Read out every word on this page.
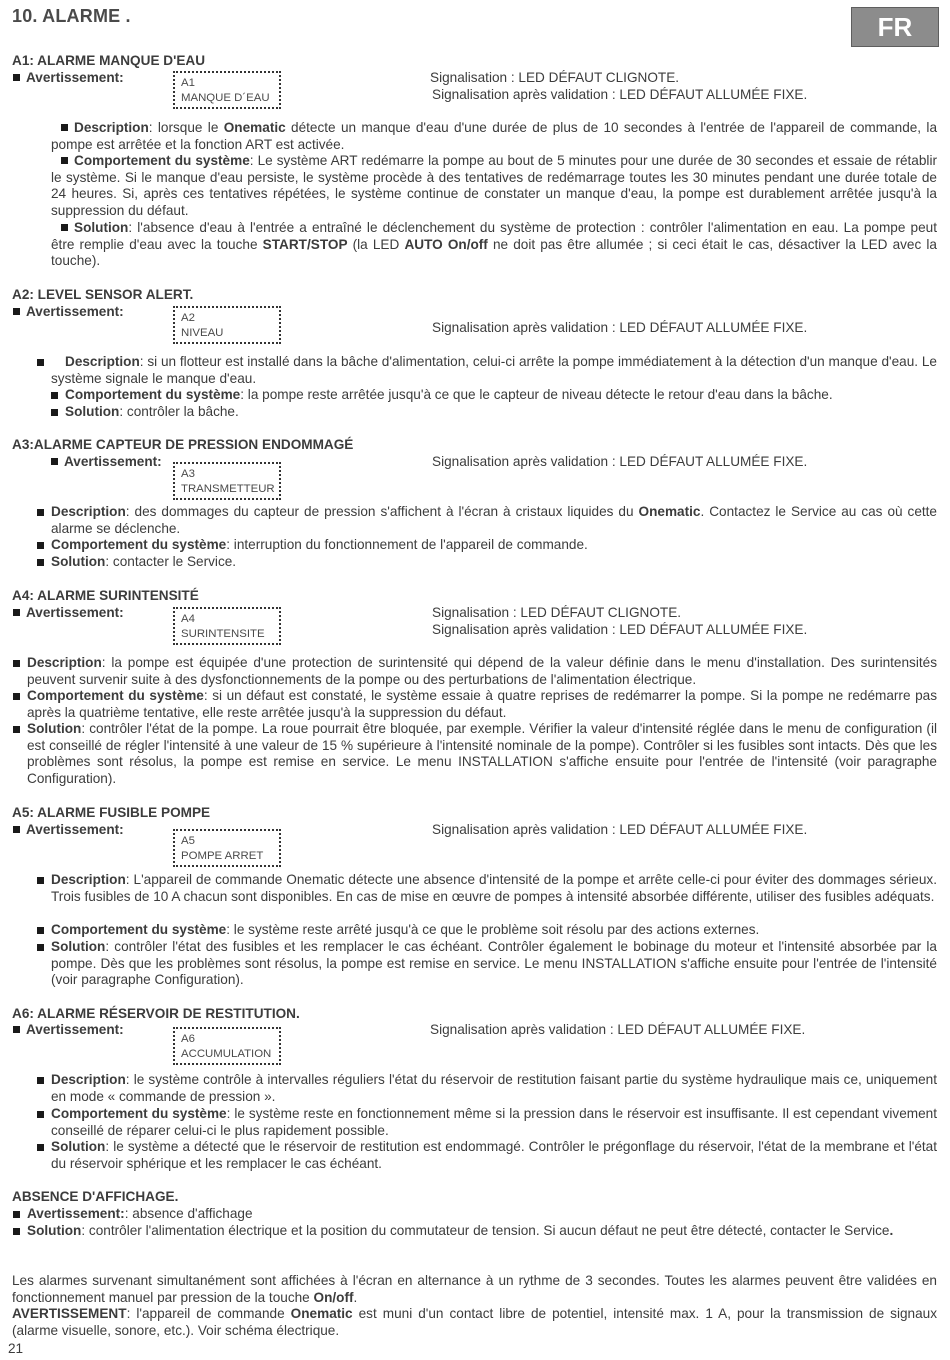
10. ALARME .	FR
A1: ALARME MANQUE D'EAU
Avertissement:	A1
MANQUE D´EAU
Signalisation : LED DÉFAUT CLIGNOTE.
Signalisation après validation : LED DÉFAUT ALLUMÉE FIXE.
Description: lorsque le Onematic détecte un manque d'eau d'une durée de plus de 10 secondes à l'entrée de l'appareil de commande, la pompe est arrêtée et la fonction ART est activée.
Comportement du système: Le système ART redémarre la pompe au bout de 5 minutes pour une durée de 30 secondes et essaie de rétablir le système. Si le manque d'eau persiste, le système procède à des tentatives de redémarrage toutes les 30 minutes pendant une durée totale de 24 heures. Si, après ces tentatives répétées, le système continue de constater un manque d'eau, la pompe est durablement arrêtée jusqu'à la suppression du défaut.
Solution: l'absence d'eau à l'entrée a entraîné le déclenchement du système de protection : contrôler l'alimentation en eau. La pompe peut être remplie d'eau avec la touche START/STOP (la LED AUTO On/off ne doit pas être allumée ; si ceci était le cas, désactiver la LED avec la touche).
A2: LEVEL SENSOR ALERT.
Avertissement:	A2
NIVEAU	Signalisation après validation : LED DÉFAUT ALLUMÉE FIXE.
Description: si un flotteur est installé dans la bâche d'alimentation, celui-ci arrête la pompe immédiatement à la détection d'un manque d'eau. Le système signale le manque d'eau.
Comportement du système: la pompe reste arrêtée jusqu'à ce que le capteur de niveau détecte le retour d'eau dans la bâche.
Solution: contrôler la bâche.
A3:ALARME CAPTEUR DE PRESSION ENDOMMAGÉ
Avertissement:
A3
TRANSMETTEUR
Signalisation après validation : LED DÉFAUT ALLUMÉE FIXE.
Description: des dommages du capteur de pression s'affichent à l'écran à cristaux liquides du Onematic. Contactez le Service au cas où cette alarme se déclenche.
Comportement du système: interruption du fonctionnement de l'appareil de commande.
Solution: contacter le Service.
A4: ALARME SURINTENSITÉ
Avertissement:	A4
SURINTENSITE
Signalisation : LED DÉFAUT CLIGNOTE.
Signalisation après validation : LED DÉFAUT ALLUMÉE FIXE.
Description: la pompe est équipée d'une protection de surintensité qui dépend de la valeur définie dans le menu d'installation. Des surintensités peuvent survenir suite à des dysfonctionnements de la pompe ou des perturbations de l'alimentation électrique.
Comportement du système: si un défaut est constaté, le système essaie à quatre reprises de redémarrer la pompe. Si la pompe ne redémarre pas après la quatrième tentative, elle reste arrêtée jusqu'à la suppression du défaut.
Solution: contrôler l'état de la pompe. La roue pourrait être bloquée, par exemple. Vérifier la valeur d'intensité réglée dans le menu de configuration (il est conseillé de régler l'intensité à une valeur de 15 % supérieure à l'intensité nominale de la pompe). Contrôler si les fusibles sont intacts. Dès que les problèmes sont résolus, la pompe est remise en service. Le menu INSTALLATION s'affiche ensuite pour l'entrée de l'intensité (voir paragraphe Configuration).
A5: ALARME FUSIBLE POMPE
Avertissement:
A5
POMPE ARRET
Signalisation après validation : LED DÉFAUT ALLUMÉE FIXE.
Description: L'appareil de commande Onematic détecte une absence d'intensité de la pompe et arrête celle-ci pour éviter des dommages sérieux. Trois fusibles de 10 A chacun sont disponibles. En cas de mise en œuvre de pompes à intensité absorbée différente, utiliser des fusibles adéquats.
Comportement du système: le système reste arrêté jusqu'à ce que le problème soit résolu par des actions externes.
Solution: contrôler l'état des fusibles et les remplacer le cas échéant. Contrôler également le bobinage du moteur et l'intensité absorbée par la pompe. Dès que les problèmes sont résolus, la pompe est remise en service. Le menu INSTALLATION s'affiche ensuite pour l'entrée de l'intensité (voir paragraphe Configuration).
A6: ALARME RÉSERVOIR DE RESTITUTION.
Avertissement:
A6
ACCUMULATION
Signalisation après validation : LED DÉFAUT ALLUMÉE FIXE.
Description: le système contrôle à intervalles réguliers l'état du réservoir de restitution faisant partie du système hydraulique mais ce, uniquement en mode « commande de pression ».
Comportement du système: le système reste en fonctionnement même si la pression dans le réservoir est insuffisante. Il est cependant vivement conseillé de réparer celui-ci le plus rapidement possible.
Solution: le système a détecté que le réservoir de restitution est endommagé. Contrôler le prégonflage du réservoir, l'état de la membrane et l'état du réservoir sphérique et les remplacer le cas échéant.
ABSENCE D'AFFICHAGE.
Avertissement:: absence d'affichage
Solution: contrôler l'alimentation électrique et la position du commutateur de tension. Si aucun défaut ne peut être détecté, contacter le Service.
Les alarmes survenant simultanément sont affichées à l'écran en alternance à un rythme de 3 secondes. Toutes les alarmes peuvent être validées en fonctionnement manuel par pression de la touche On/off.
AVERTISSEMENT: l'appareil de commande Onematic est muni d'un contact libre de potentiel, intensité max. 1 A, pour la transmission de signaux (alarme visuelle, sonore, etc.). Voir schéma électrique.
21
